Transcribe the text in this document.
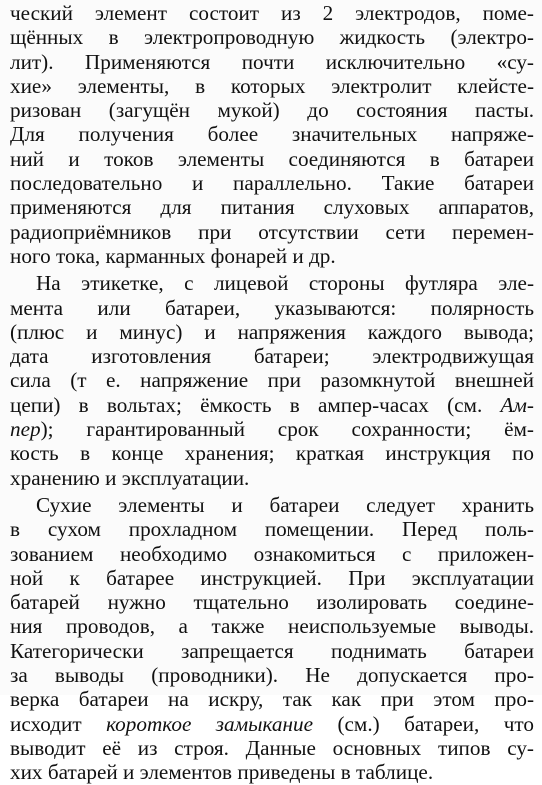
ческий элемент состоит из 2 электродов, поме-
щённых в электропроводную жидкость (электро-
лит). Применяются почти исключительно «су-
хие» элементы, в которых электролит клейсте-
ризован (загущён мукой) до состояния пасты.
Для получения более значительных напряже-
ний и токов элементы соединяются в батареи
последовательно и параллельно. Такие батареи
применяются для питания слуховых аппаратов,
радиоприёмников при отсутствии сети перемен-
ного тока, карманных фонарей и др.
На этикетке, с лицевой стороны футляра эле-
мента или батареи, указываются: полярность
(плюс и минус) и напряжения каждого вывода;
дата изготовления батареи; электродвижущая
сила (т е. напряжение при разомкнутой внешней
цепи) в вольтах; ёмкость в ампер-часах (см. Ам-
пер); гарантированный срок сохранности; ём-
кость в конце хранения; краткая инструкция по
хранению и эксплуатации.
Сухие элементы и батареи следует хранить
в сухом прохладном помещении. Перед поль-
зованием необходимо ознакомиться с приложен-
ной к батарее инструкцией. При эксплуатации
батарей нужно тщательно изолировать соедине-
ния проводов, а также неиспользуемые выводы.
Категорически запрещается поднимать батареи
за выводы (проводники). Не допускается про-
верка батареи на искру, так как при этом про-
исходит короткое замыкание (см.) батареи, что
выводит её из строя. Данные основных типов су-
хих батарей и элементов приведены в таблице.
